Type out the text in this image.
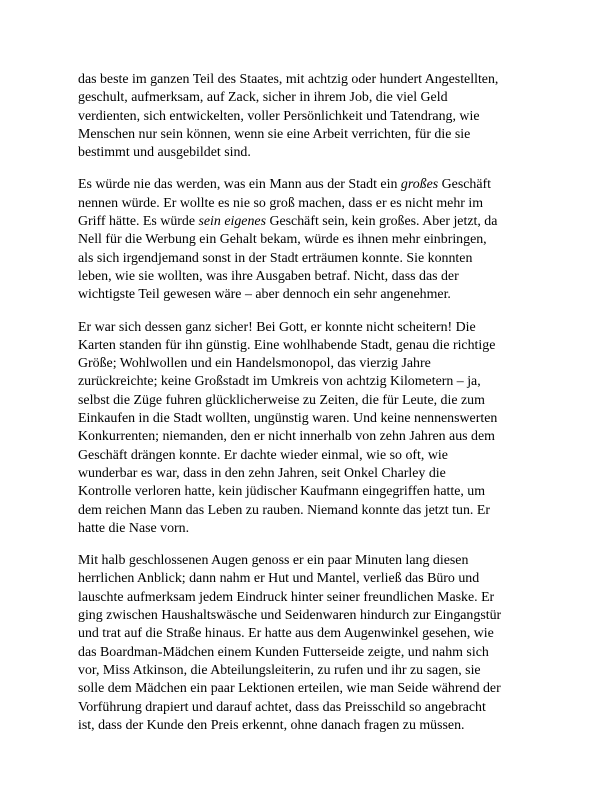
das beste im ganzen Teil des Staates, mit achtzig oder hundert Angestellten,
geschult, aufmerksam, auf Zack, sicher in ihrem Job, die viel Geld
verdienten, sich entwickelten, voller Persönlichkeit und Tatendrang, wie
Menschen nur sein können, wenn sie eine Arbeit verrichten, für die sie
bestimmt und ausgebildet sind.

Es würde nie das werden, was ein Mann aus der Stadt ein großes Geschäft
nennen würde. Er wollte es nie so groß machen, dass er es nicht mehr im
Griff hätte. Es würde sein eigenes Geschäft sein, kein großes. Aber jetzt, da
Nell für die Werbung ein Gehalt bekam, würde es ihnen mehr einbringen,
als sich irgendjemand sonst in der Stadt erträumen konnte. Sie konnten
leben, wie sie wollten, was ihre Ausgaben betraf. Nicht, dass das der
wichtigste Teil gewesen wäre – aber dennoch ein sehr angenehmer.

Er war sich dessen ganz sicher! Bei Gott, er konnte nicht scheitern! Die
Karten standen für ihn günstig. Eine wohlhabende Stadt, genau die richtige
Größe; Wohlwollen und ein Handelsmonopol, das vierzig Jahre
zurückreichte; keine Großstadt im Umkreis von achtzig Kilometern – ja,
selbst die Züge fuhren glücklicherweise zu Zeiten, die für Leute, die zum
Einkaufen in die Stadt wollten, ungünstig waren. Und keine nennenswerten
Konkurrenten; niemanden, den er nicht innerhalb von zehn Jahren aus dem
Geschäft drängen konnte. Er dachte wieder einmal, wie so oft, wie
wunderbar es war, dass in den zehn Jahren, seit Onkel Charley die
Kontrolle verloren hatte, kein jüdischer Kaufmann eingegriffen hatte, um
dem reichen Mann das Leben zu rauben. Niemand konnte das jetzt tun. Er
hatte die Nase vorn.

Mit halb geschlossenen Augen genoss er ein paar Minuten lang diesen
herrlichen Anblick; dann nahm er Hut und Mantel, verließ das Büro und
lauschte aufmerksam jedem Eindruck hinter seiner freundlichen Maske. Er
ging zwischen Haushaltswäsche und Seidenwaren hindurch zur Eingangstür
und trat auf die Straße hinaus. Er hatte aus dem Augenwinkel gesehen, wie
das Boardman-Mädchen einem Kunden Futterseide zeigte, und nahm sich
vor, Miss Atkinson, die Abteilungsleiterin, zu rufen und ihr zu sagen, sie
solle dem Mädchen ein paar Lektionen erteilen, wie man Seide während der
Vorführung drapiert und darauf achtet, dass das Preisschild so angebracht
ist, dass der Kunde den Preis erkennt, ohne danach fragen zu müssen.
